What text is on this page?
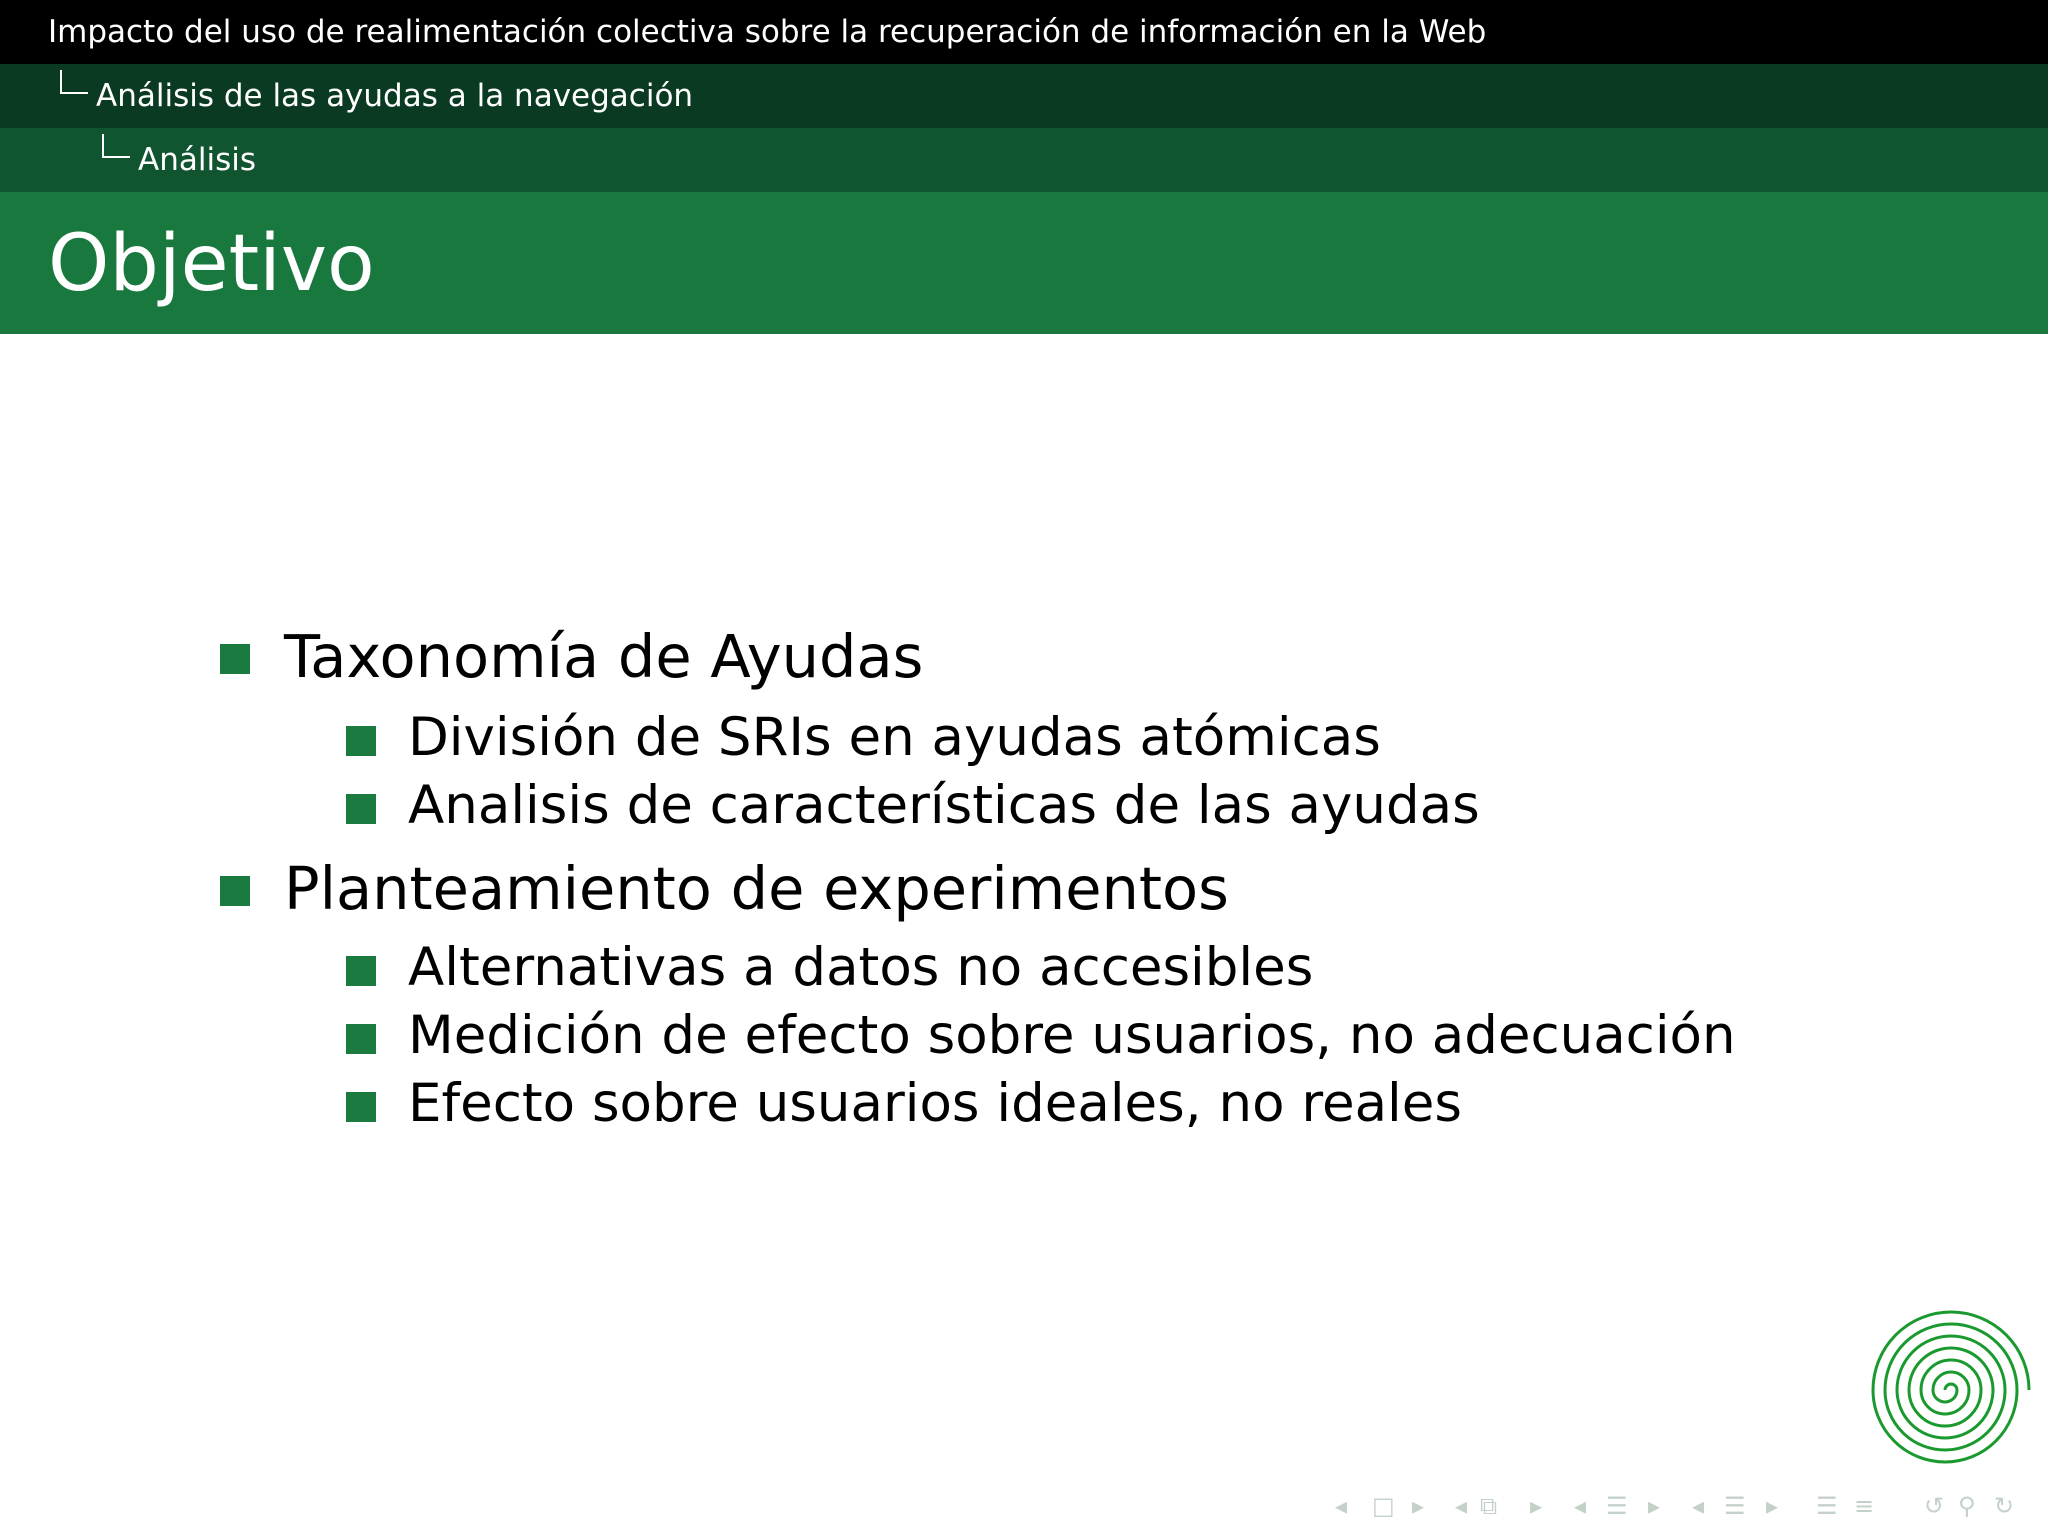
Impacto del uso de realimentación colectiva sobre la recuperación de información en la Web
Análisis de las ayudas a la navegación
Análisis
Objetivo
Taxonomía de Ayudas
División de SRIs en ayudas atómicas
Analisis de características de las ayudas
Planteamiento de experimentos
Alternativas a datos no accesibles
Medición de efecto sobre usuarios, no adecuación
Efecto sobre usuarios ideales, no reales
◂ □ ▸ ◂ ⧉ ▸ ◂ ☰ ▸ ◂ ☰ ▸ ☰ ≡ ↺ ⚲ ↻
